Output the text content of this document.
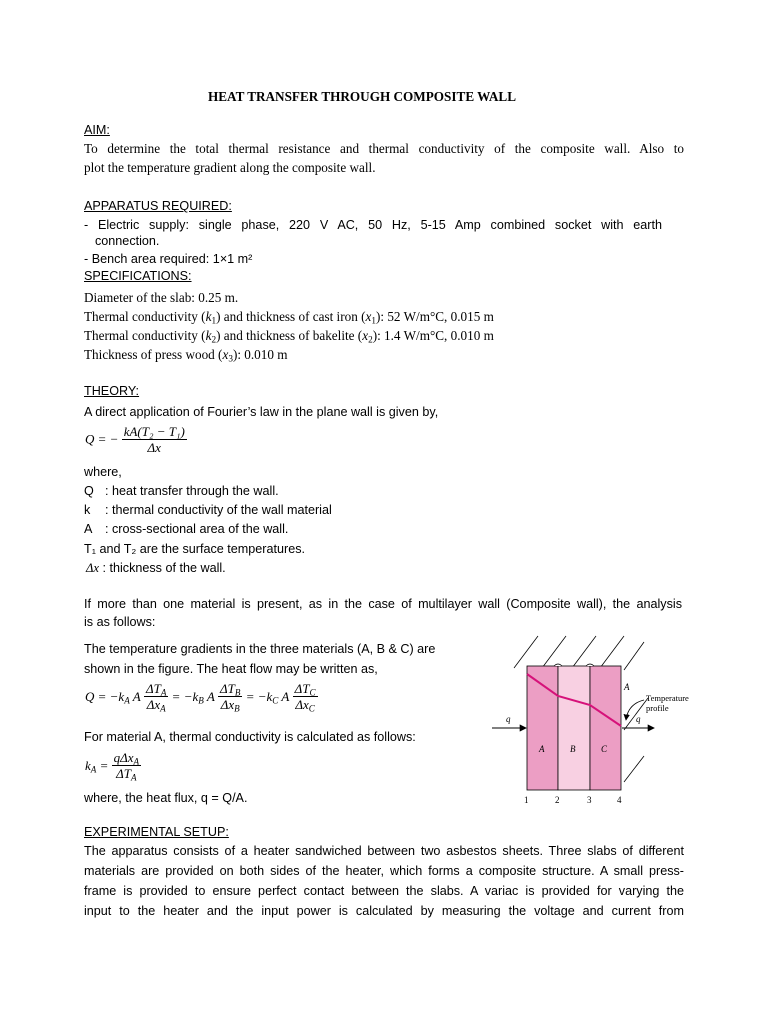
HEAT TRANSFER THROUGH COMPOSITE WALL
AIM:
To determine the total thermal resistance and thermal conductivity of the composite wall. Also to
plot the temperature gradient along the composite wall.
APPARATUS REQUIRED:
- Electric supply: single phase, 220 V AC, 50 Hz, 5-15 Amp combined socket with earth
connection.
- Bench area required: 1×1 m²
SPECIFICATIONS:
Diameter of the slab: 0.25 m.
Thermal conductivity $(k_1)$ and thickness of cast iron $(x_1)$: 52 W/m°C, 0.015 m
Thermal conductivity $(k_2)$ and thickness of bakelite $(x_2)$: 1.4 W/m°C, 0.010 m
Thickness of press wood $(x_3)$: 0.010 m
THEORY:
A direct application of Fourier’s law in the plane wall is given by,
Q = − $\frac{\text{kA(T₂ − T₁)}}{\Delta x}$
where,
Q : heat transfer through the wall.
k : thermal conductivity of the wall material
A : cross-sectional area of the wall.
T₁ and T₂ are the surface temperatures.
Δx : thickness of the wall.
If more than one material is present, as in the case of multilayer wall (Composite wall), the analysis
is as follows:
The temperature gradients in the three materials (A, B & C) are
shown in the figure. The heat flow may be written as,
$Q = -k_A$ A $\frac{\Delta T_A}{\Delta x_A} = -k_B$ A $\frac{\Delta T_B}{\Delta x_B} = -k_C$ A $\frac{\Delta T_C}{\Delta x_C}$
For material A, thermal conductivity is calculated as follows:
$k_A = \frac{q\Delta x_A}{\Delta T_A}$
where, the heat flux, q = Q/A.
q	q
A	B	C
A
Temperature
profile
1	2	3	4
EXPERIMENTAL SETUP:
The apparatus consists of a heater sandwiched between two asbestos sheets. Three slabs of different
materials are provided on both sides of the heater, which forms a composite structure. A small press-
frame is provided to ensure perfect contact between the slabs. A variac is provided for varying the
input to the heater and the input power is calculated by measuring the voltage and current from
